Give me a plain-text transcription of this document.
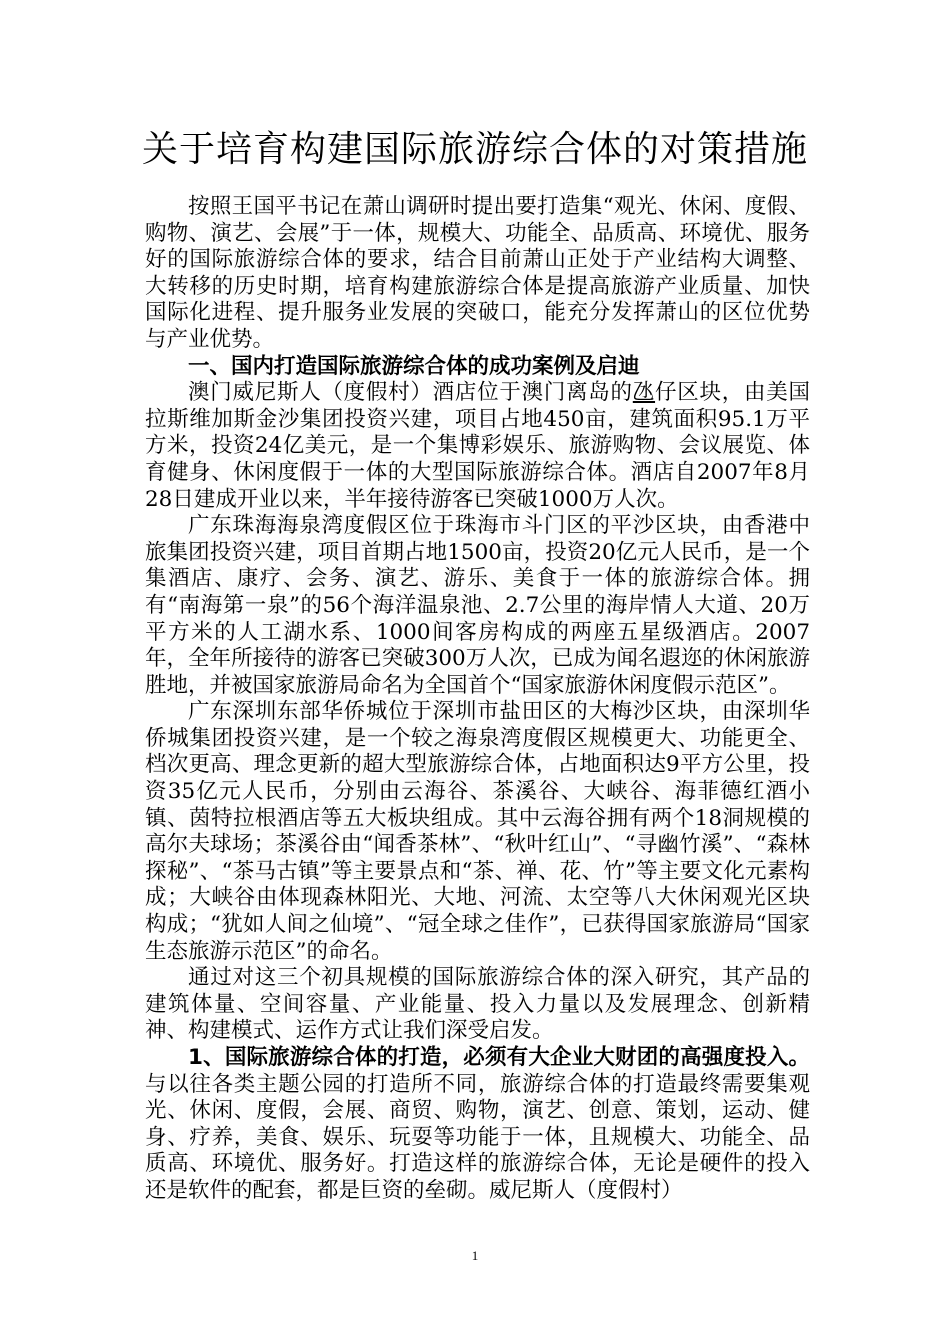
关于培育构建国际旅游综合体的对策措施

按照王国平书记在萧山调研时提出要打造集“观光、休闲、度假、购物、演艺、会展”于一体，规模大、功能全、品质高、环境优、服务好的国际旅游综合体的要求，结合目前萧山正处于产业结构大调整、大转移的历史时期，培育构建旅游综合体是提高旅游产业质量、加快国际化进程、提升服务业发展的突破口，能充分发挥萧山的区位优势与产业优势。

一、国内打造国际旅游综合体的成功案例及启迪

澳门威尼斯人（度假村）酒店位于澳门离岛的氹仔区块，由美国拉斯维加斯金沙集团投资兴建，项目占地450亩，建筑面积95.1万平方米，投资24亿美元，是一个集博彩娱乐、旅游购物、会议展览、体育健身、休闲度假于一体的大型国际旅游综合体。酒店自2007年8月28日建成开业以来，半年接待游客已突破1000万人次。

广东珠海海泉湾度假区位于珠海市斗门区的平沙区块，由香港中旅集团投资兴建，项目首期占地1500亩，投资20亿元人民币，是一个集酒店、康疗、会务、演艺、游乐、美食于一体的旅游综合体。拥有“南海第一泉”的56个海洋温泉池、2.7公里的海岸情人大道、20万平方米的人工湖水系、1000间客房构成的两座五星级酒店。2007年，全年所接待的游客已突破300万人次，已成为闻名遐迩的休闲旅游胜地，并被国家旅游局命名为全国首个“国家旅游休闲度假示范区”。

广东深圳东部华侨城位于深圳市盐田区的大梅沙区块，由深圳华侨城集团投资兴建，是一个较之海泉湾度假区规模更大、功能更全、档次更高、理念更新的超大型旅游综合体，占地面积达9平方公里，投资35亿元人民币，分别由云海谷、茶溪谷、大峡谷、海菲德红酒小镇、茵特拉根酒店等五大板块组成。其中云海谷拥有两个18洞规模的高尔夫球场；茶溪谷由“闻香茶林”、“秋叶红山”、“寻幽竹溪”、“森林探秘”、“茶马古镇”等主要景点和“茶、禅、花、竹”等主要文化元素构成；大峡谷由体现森林阳光、大地、河流、太空等八大休闲观光区块构成；“犹如人间之仙境”、“冠全球之佳作”，已获得国家旅游局“国家生态旅游示范区”的命名。

通过对这三个初具规模的国际旅游综合体的深入研究，其产品的建筑体量、空间容量、产业能量、投入力量以及发展理念、创新精神、构建模式、运作方式让我们深受启发。

1、国际旅游综合体的打造，必须有大企业大财团的高强度投入。与以往各类主题公园的打造所不同，旅游综合体的打造最终需要集观光、休闲、度假，会展、商贸、购物，演艺、创意、策划，运动、健身、疗养，美食、娱乐、玩耍等功能于一体，且规模大、功能全、品质高、环境优、服务好。打造这样的旅游综合体，无论是硬件的投入还是软件的配套，都是巨资的垒砌。威尼斯人（度假村）

1
